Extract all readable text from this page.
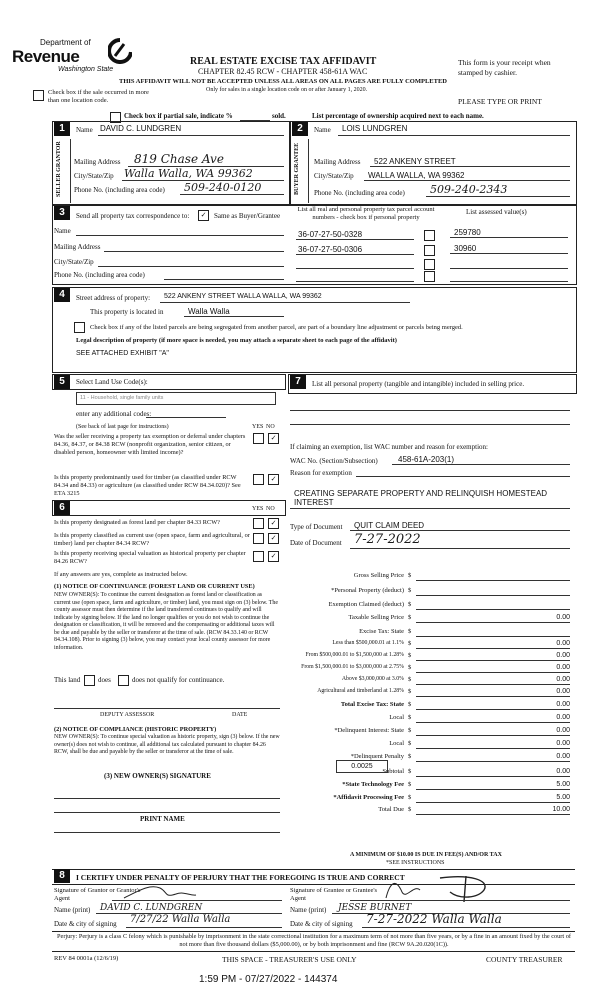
Department of
Revenue
Washington State
REAL ESTATE EXCISE TAX AFFIDAVIT
CHAPTER 82.45 RCW - CHAPTER 458-61A WAC
THIS AFFIDAVIT WILL NOT BE ACCEPTED UNLESS ALL AREAS ON ALL PAGES ARE FULLY COMPLETED
Only for sales in a single location code on or after January 1, 2020.
This form is your receipt when stamped by cashier.
PLEASE TYPE OR PRINT
Check box if the sale occurred in more than one location code.
Check box if partial sale, indicate %	sold.	List percentage of ownership acquired next to each name.
1	Name DAVID C. LUNDGREN
SELLER GRANTOR	Mailing Address 819 Chase Ave
City/State/Zip Walla Walla, WA 99362
Phone No. (including area code) 509-240-0120
2	Name LOIS LUNDGREN
BUYER GRANTEE	Mailing Address 522 ANKENY STREET
City/State/Zip WALLA WALLA, WA 99362
Phone No. (including area code) 509-240-2343
3	Send all property tax correspondence to:	✓	Same as Buyer/Grantee
List all real and personal property tax parcel account numbers - check box if personal property
List assessed value(s)
Name
Mailing Address
City/State/Zip
Phone No. (including area code)
36-07-27-50-0328	259780
36-07-27-50-0306	30960
4	Street address of property: 522 ANKENY STREET WALLA WALLA, WA 99362
This property is located in	Walla Walla
Check box if any of the listed parcels are being segregated from another parcel, are part of a boundary line adjustment or parcels being merged.
Legal description of property (if more space is needed, you may attach a separate sheet to each page of the affidavit)
SEE ATTACHED EXHIBIT "A"
5	Select Land Use Code(s):
11 - Household, single family units
enter any additional codes:
(See back of last page for instructions)	YES NO
Was the seller receiving a property tax exemption or deferral under chapters 84.36, 84.37, or 84.38 RCW (nonprofit organization, senior citizen, or disabled person, homeowner with limited income)?
✓
Is this property predominantly used for timber (as classified under RCW 84.34 and 84.33) or agriculture (as classified under RCW 84.34.020)? See ETA 3215
✓
6	YES NO
Is this property designated as forest land per chapter 84.33 RCW?	✓
Is this property classified as current use (open space, farm and agricultural, or timber) land per chapter 84.34 RCW?
✓
Is this property receiving special valuation as historical property per chapter 84.26 RCW?
✓
If any answers are yes, complete as instructed below.
(1) NOTICE OF CONTINUANCE (FOREST LAND OR CURRENT USE)
NEW OWNER(S): To continue the current designation as forest land or classification as current use (open space, farm and agriculture, or timber) land, you must sign on (3) below. The county assessor must then determine if the land transferred continues to qualify and will indicate by signing below. If the land no longer qualifies or you do not wish to continue the designation or classification, it will be removed and the compensating or additional taxes will be due and payable by the seller or transferor at the time of sale. (RCW 84.33.140 or RCW 84.34.108). Prior to signing (3) below, you may contact your local county assessor for more information.
This land	does	does not qualify for continuance.
DEPUTY ASSESSOR	DATE
(2) NOTICE OF COMPLIANCE (HISTORIC PROPERTY)
NEW OWNER(S): To continue special valuation as historic property, sign (3) below. If the new owner(s) does not wish to continue, all additional tax calculated pursuant to chapter 84.26 RCW, shall be due and payable by the seller or transferor at the time of sale.
(3) NEW OWNER(S) SIGNATURE
PRINT NAME
7	List all personal property (tangible and intangible) included in selling price.
If claiming an exemption, list WAC number and reason for exemption:
WAC No. (Section/Subsection)	458-61A-203(1)
Reason for exemption
CREATING SEPARATE PROPERTY AND RELINQUISH HOMESTEAD INTEREST
Type of Document QUIT CLAIM DEED
Date of Document 7-27-2022
Gross Selling Price $
*Personal Property (deduct) $
Exemption Claimed (deduct) $
Taxable Selling Price $	0.00
Excise Tax: State $
Less than $500,000.01 at 1.1% $	0.00
From $500,000.01 to $1,500,000 at 1.28% $	0.00
From $1,500,000.01 to $3,000,000 at 2.75% $	0.00
Above $3,000,000 at 3.0% $	0.00
Agricultural and timberland at 1.28% $	0.00
Total Excise Tax: State $	0.00
Local $	0.00
*Delinquent Interest: State $	0.00
Local $	0.00
*Delinquent Penalty $	0.00
Subtotal $	0.00
*State Technology Fee $	5.00
*Affidavit Processing Fee $	5.00
Total Due $	10.00
0.0025
A MINIMUM OF $10.00 IS DUE IN FEE(S) AND/OR TAX
*SEE INSTRUCTIONS
8	I CERTIFY UNDER PENALTY OF PERJURY THAT THE FOREGOING IS TRUE AND CORRECT
Signature of Grantor or Grantor's Agent
Signature of Grantee or Grantee's Agent
Name (print) DAVID C. LUNDGREN	Name (print) JESSE BURNET
Date & city of signing 7/27/22 Walla Walla	Date & city of signing 7-27-2022 Walla Walla
Perjury: Perjury is a class C felony which is punishable by imprisonment in the state correctional institution for a maximum term of not more than five years, or by a fine in an amount fixed by the court of not more than five thousand dollars ($5,000.00), or by both imprisonment and fine (RCW 9A.20.020(1C)).
REV 84 0001a (12/6/19)	THIS SPACE - TREASURER'S USE ONLY	COUNTY TREASURER
1:59 PM - 07/27/2022 - 144374
